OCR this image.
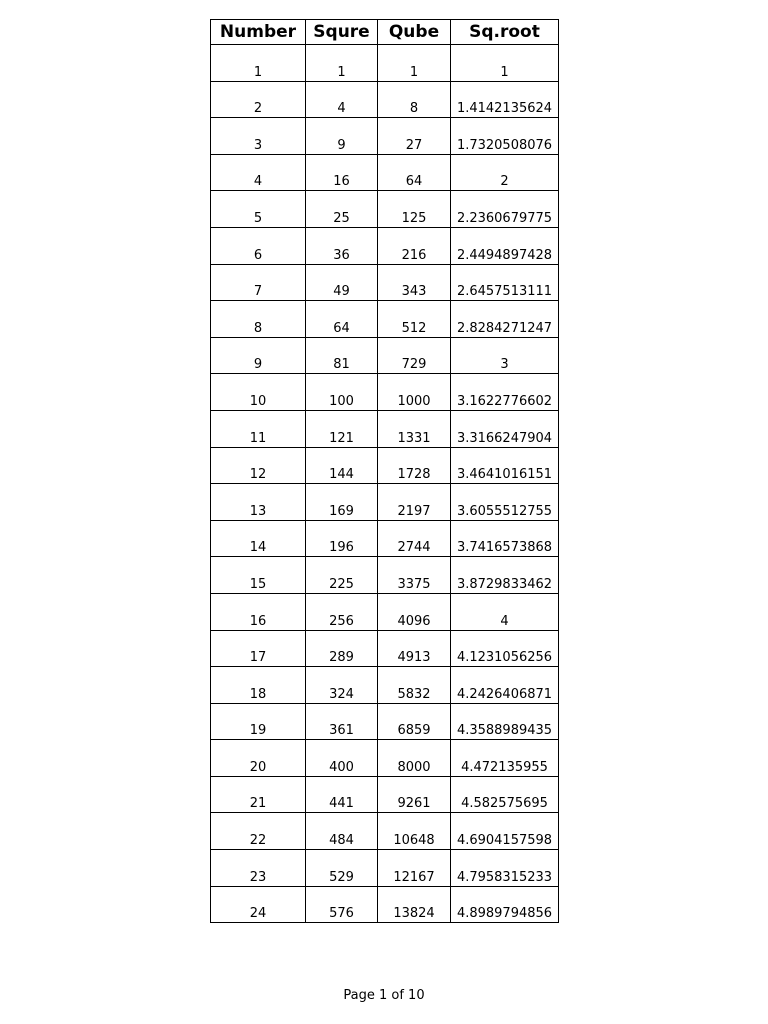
Number	Squre	Qube	Sq.root
1	1	1	1
2	4	8	1.4142135624
3	9	27	1.7320508076
4	16	64	2
5	25	125	2.2360679775
6	36	216	2.4494897428
7	49	343	2.6457513111
8	64	512	2.8284271247
9	81	729	3
10	100	1000	3.1622776602
11	121	1331	3.3166247904
12	144	1728	3.4641016151
13	169	2197	3.6055512755
14	196	2744	3.7416573868
15	225	3375	3.8729833462
16	256	4096	4
17	289	4913	4.1231056256
18	324	5832	4.2426406871
19	361	6859	4.3588989435
20	400	8000	4.472135955
21	441	9261	4.582575695
22	484	10648	4.6904157598
23	529	12167	4.7958315233
24	576	13824	4.8989794856
Page 1 of 10
